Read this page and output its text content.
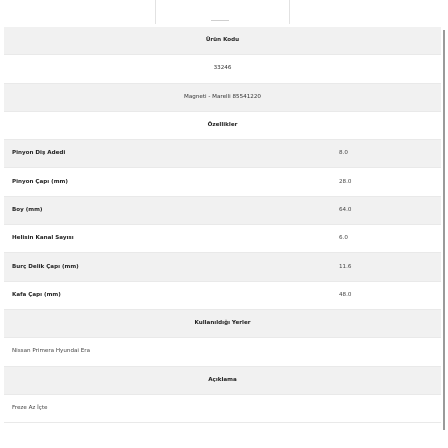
Ürün Kodu	
33246	
Magneti - Marelli 85541220	
Özellikler	
Pinyon Diş Adedi	8.0
Pinyon Çapı (mm)	28.0
Boy (mm)	64.0
Helisin Kanal Sayısı	6.0
Burç Delik Çapı (mm)	11.6
Kafa Çapı (mm)	48.0
Kullanıldığı Yerler	
Nissan Primera Hyundai Era	
Açıklama	
Freze Az İçte	
